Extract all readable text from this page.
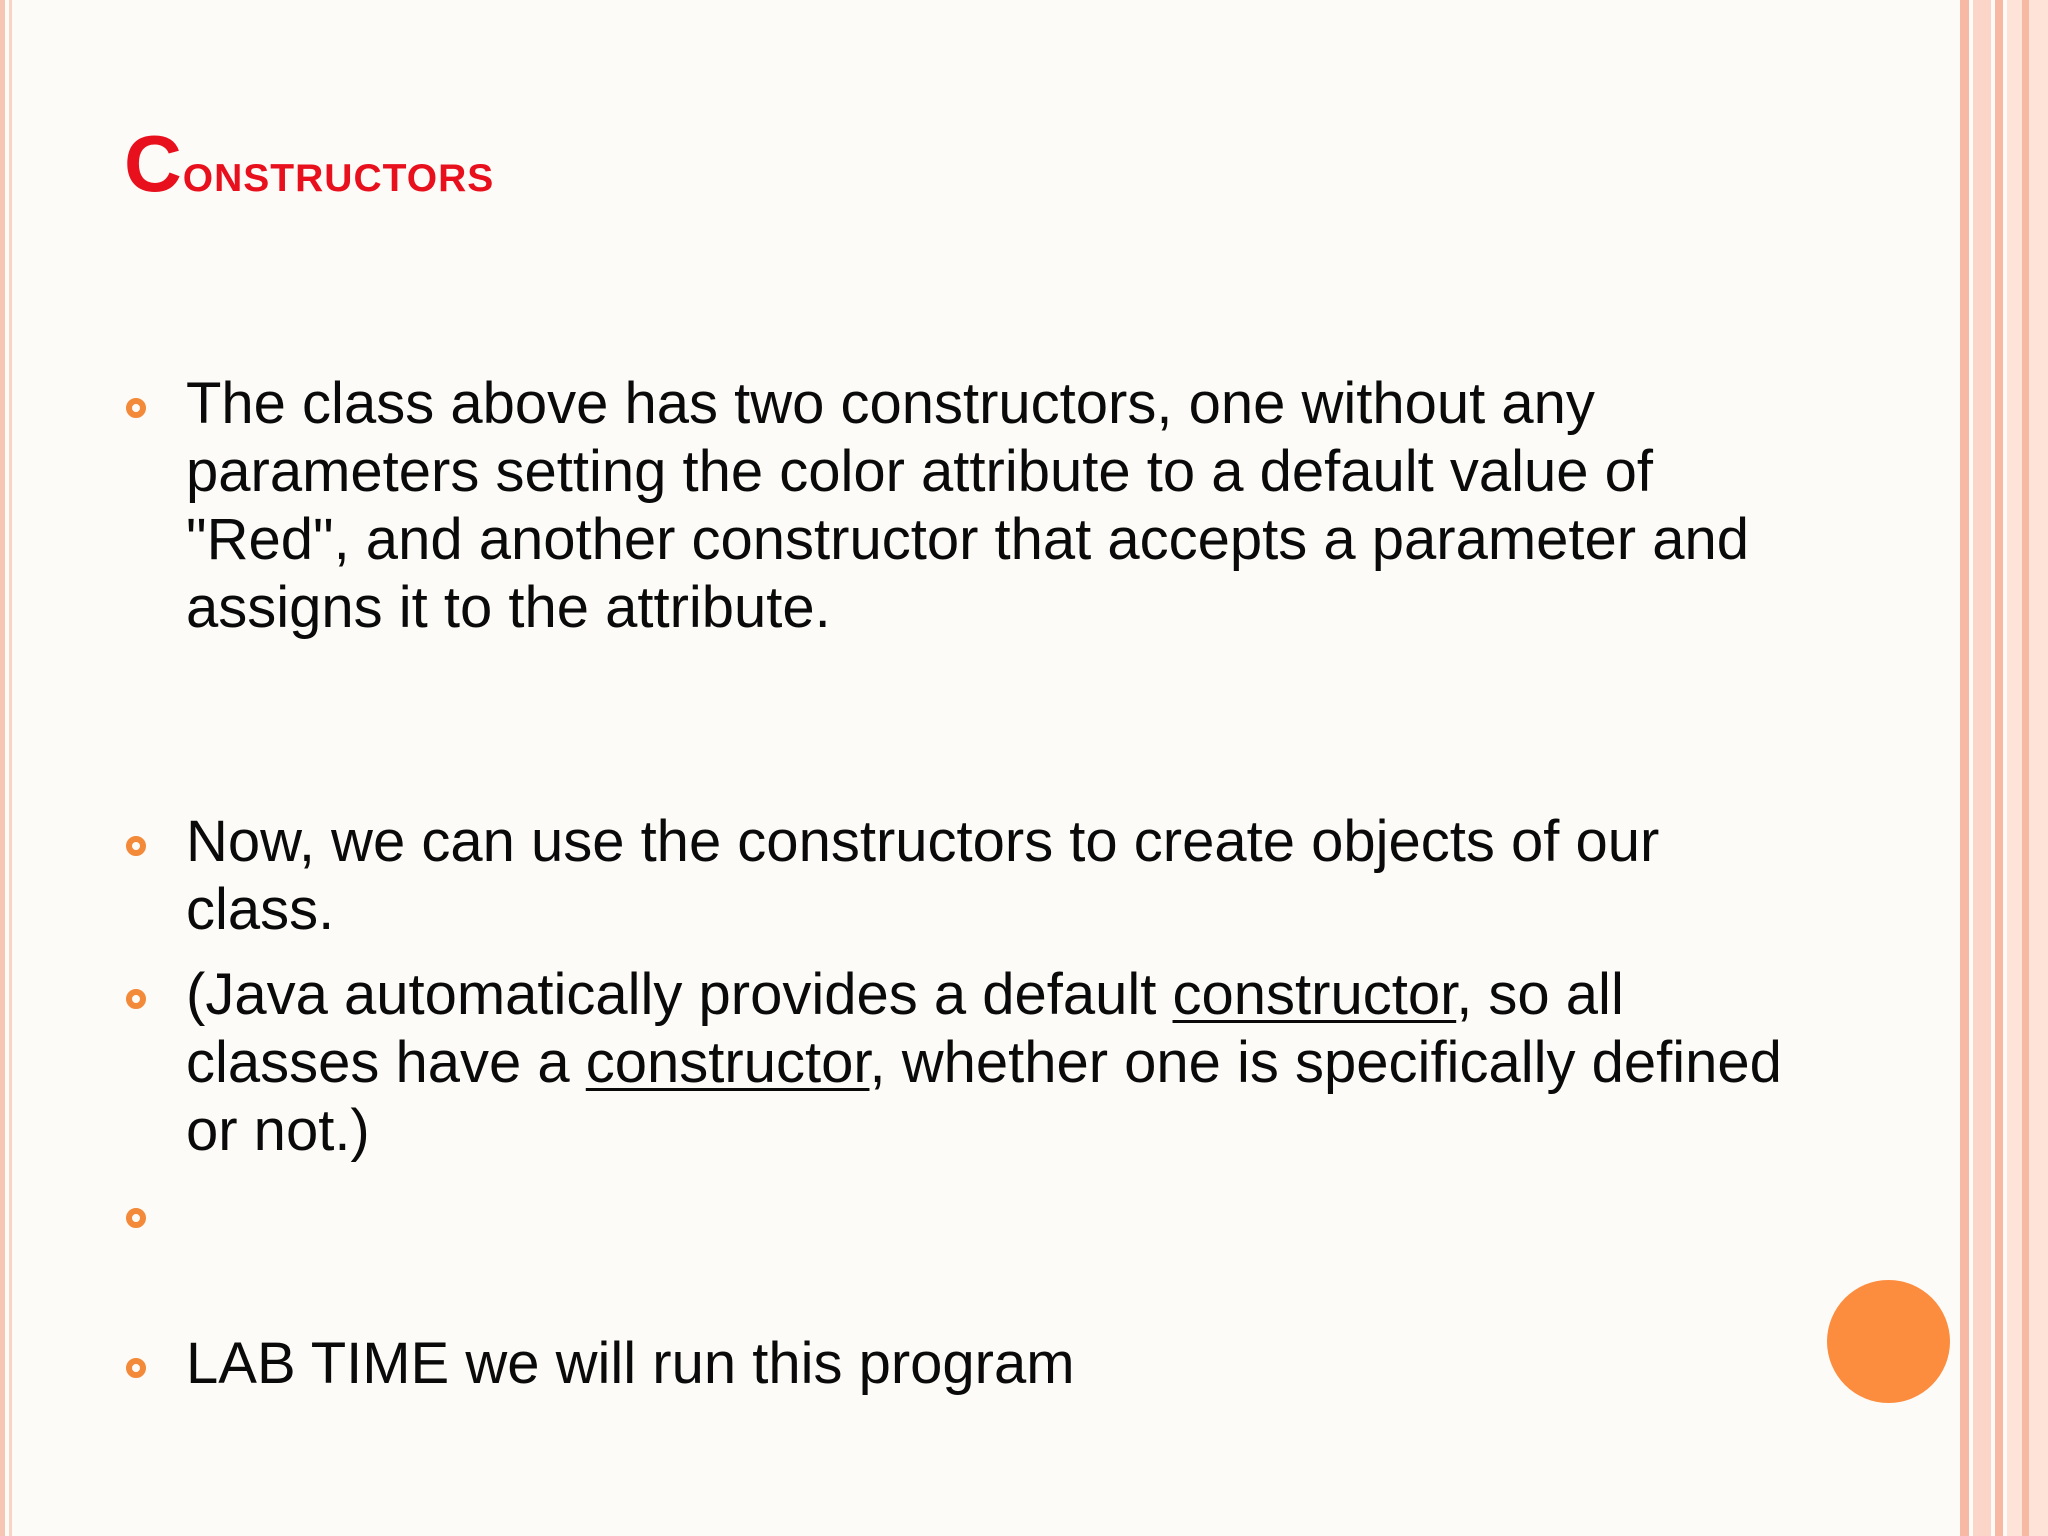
Constructors
The class above has two constructors, one without any parameters setting the color attribute to a default value of "Red", and another constructor that accepts a parameter and assigns it to the attribute.
Now, we can use the constructors to create objects of our class.
(Java automatically provides a default constructor, so all classes have a constructor, whether one is specifically defined or not.)
LAB TIME we will run this program
